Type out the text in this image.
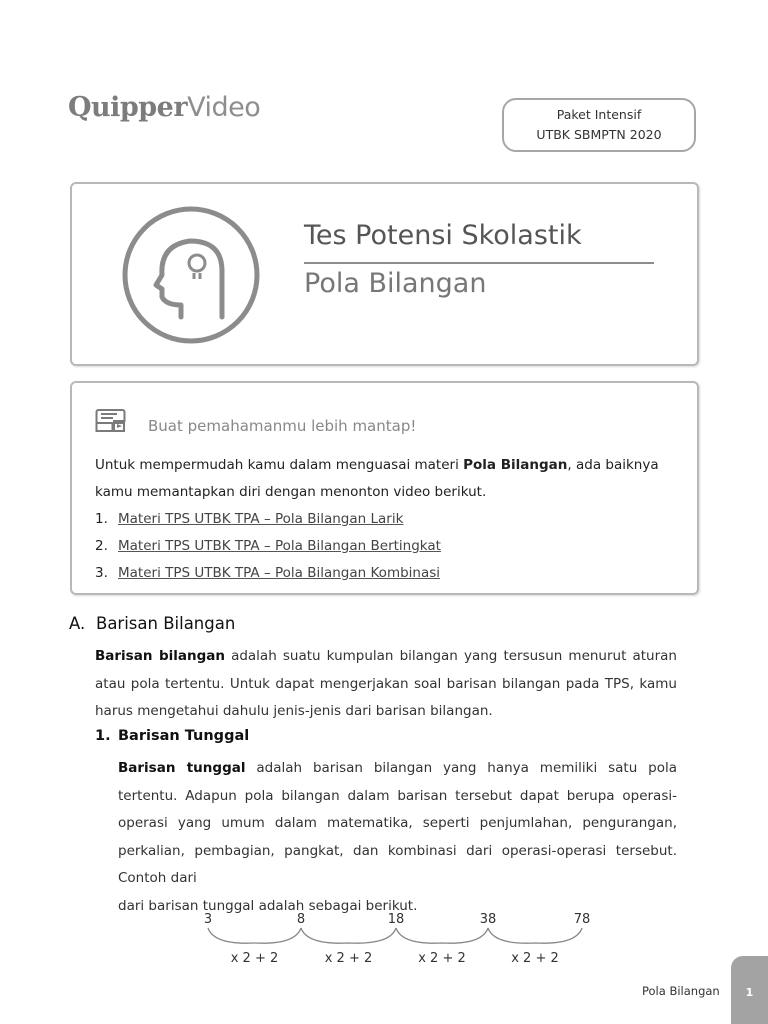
QuipperVideo	Paket Intensif
UTBK SBMPTN 2020
Tes Potensi Skolastik
Pola Bilangan
Buat pemahamanmu lebih mantap!
Untuk mempermudah kamu dalam menguasai materi Pola Bilangan, ada baiknya kamu memantapkan diri dengan menonton video berikut.
1. Materi TPS UTBK TPA – Pola Bilangan Larik
2. Materi TPS UTBK TPA – Pola Bilangan Bertingkat
3. Materi TPS UTBK TPA – Pola Bilangan Kombinasi
A. Barisan Bilangan
Barisan bilangan adalah suatu kumpulan bilangan yang tersusun menurut aturan atau pola tertentu. Untuk dapat mengerjakan soal barisan bilangan pada TPS, kamu harus mengetahui dahulu jenis-jenis dari barisan bilangan.
1. Barisan Tunggal
Barisan tunggal adalah barisan bilangan yang hanya memiliki satu pola tertentu. Adapun pola bilangan dalam barisan tersebut dapat berupa operasi-operasi yang umum dalam matematika, seperti penjumlahan, pengurangan, perkalian, pembagian, pangkat, dan kombinasi dari operasi-operasi tersebut. Contoh dari
dari barisan tunggal adalah sebagai berikut.
3	8	18	38	78
x 2 + 2	x 2 + 2	x 2 + 2	x 2 + 2
Pola Bilangan	1
